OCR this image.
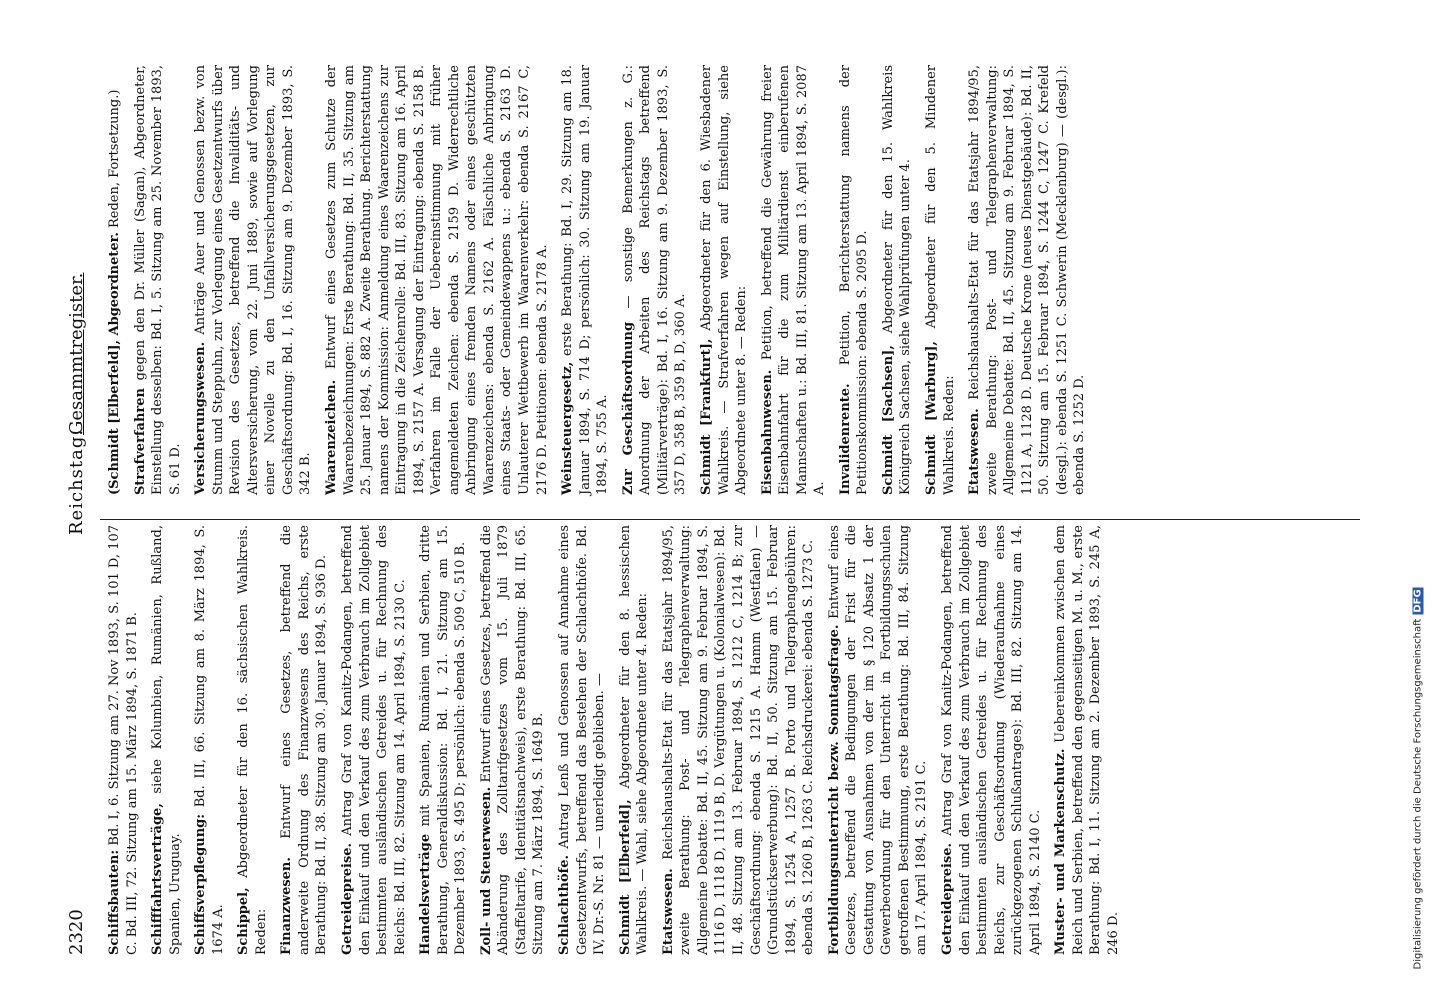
2320
Reichstag.
Gesammtregister.

Schiffsbauten: Bd. I, 6. Sitzung am 27. Nov 1893, S. 101 D, 107 C. Bd. III, 72. Sitzung am 15. März 1894, S. 1871 B. Schifffahrtsverträge, siehe Kolumbien, Rumänien, Rußland, Spanien, Uruguay. Schiffsverpflegung: Bd. III, 66. Sitzung am 8. März 1894, S. 1674 A. Schippel, Abgeordneter für den 16. sächsischen Wahlkreis. Reden: Finanzwesen. Entwurf eines Gesetzes, betreffend die anderweite Ordnung des Finanzwesens des Reichs, erste Berathung: Bd. II, 38. Sitzung am 30. Januar 1894, S. 936 D. Getreidepreise. Antrag Graf von Kanitz-Podangen, betreffend den Einkauf und den Verkauf des zum Verbrauch im Zollgebiet bestimmten ausländischen Getreides u. für Rechnung des Reichs: Bd. III, 82. Sitzung am 14. April 1894, S. 2130 C. Handelsverträge mit Spanien, Rumänien und Serbien, dritte Berathung, Generaldiskussion: Bd. I, 21. Sitzung am 15. Dezember 1893, S. 495 D; persönlich: ebenda S. 509 C, 510 B. Zoll- und Steuerwesen. Entwurf eines Gesetzes, betreffend die Abänderung des Zolltarifgesetzes vom 15. Juli 1879 (Staffeltarife, Identitätsnachweis), erste Berathung: Bd. III, 65. Sitzung am 7. März 1894, S. 1649 B. Schlachthöfe. Antrag Lenß und Genossen auf Annahme eines Gesetzentwurfs, betreffend das Bestehen der Schlachthöfe. Bd. IV, Dr.-S. Nr. 81 — unerledigt geblieben. — Schmidt [Elberfeld], Abgeordneter für den 8. hessischen Wahlkreis. — Wahl, siehe Abgeordnete unter 4. Reden: Etatswesen. Reichshaushalts-Etat für das Etatsjahr 1894/95, zweite Berathung: Post- und Telegraphenverwaltung: Allgemeine Debatte: Bd. II, 45. Sitzung am 9. Februar 1894, S. 1116 D, 1118 D, 1119 B, D. Vergütungen u. (Kolonialwesen): Bd. II, 48. Sitzung am 13. Februar 1894, S. 1212 C, 1214 B; zur Geschäftsordnung: ebenda S. 1215 A. Hamm (Westfalen) — (Grundstückserwerbung): Bd. II, 50. Sitzung am 15. Februar 1894, S. 1254 A, 1257 B. Porto und Telegraphengebühren: ebenda S. 1260 B, 1263 C. Reichsdruckerei: ebenda S. 1273 C. Fortbildungsunterricht bezw. Sonntagsfrage. Entwurf eines Gesetzes, betreffend die Bedingungen der Frist für die Gestattung von Ausnahmen von der im § 120 Absatz 1 der Gewerbeordnung für den Unterricht in Fortbildungsschulen getroffenen Bestimmung, erste Berathung: Bd. III, 84. Sitzung am 17. April 1894, S. 2191 C. Getreidepreise. Antrag Graf von Kanitz-Podangen, betreffend den Einkauf und den Verkauf des zum Verbrauch im Zollgebiet bestimmten ausländischen Getreides u. für Rechnung des Reichs, zur Geschäftsordnung (Wiederaufnahme eines zurückgezogenen Schlußantrages): Bd. III, 82. Sitzung am 14. April 1894, S. 2140 C. Muster- und Markenschutz. Uebereinkommen zwischen dem Reich und Serbien, betreffend den gegenseitigen M. u. M., erste Berathung: Bd. I, 11. Sitzung am 2. Dezember 1893, S. 245 A, 246 D.

(Schmidt [Elberfeld], Abgeordneter. Reden, Fortsetzung.)

Strafverfahren gegen den Dr. Müller (Sagan), Abgeordneter, Einstellung desselben: Bd. I, 5. Sitzung am 25. November 1893, S. 61 D. Versicherungswesen. Anträge Auer und Genossen bezw. von Stumm und Steppuhn, zur Vorlegung eines Gesetzentwurfs über Revision des Gesetzes, betreffend die Invaliditäts- und Altersversicherung, vom 22. Juni 1889, sowie auf Vorlegung einer Novelle zu den Unfallversicherungsgesetzen, zur Geschäftsordnung: Bd. I, 16. Sitzung am 9. Dezember 1893, S. 342 B. Waarenzeichen. Entwurf eines Gesetzes zum Schutze der Waarenbezeichnungen: Erste Berathung: Bd. II, 35. Sitzung am 25. Januar 1894, S. 882 A. Zweite Berathung. Berichterstattung namens der Kommission: Anmeldung eines Waarenzeichens zur Eintragung in die Zeichenrolle: Bd. III, 83. Sitzung am 16. April 1894, S. 2157 A. Versagung der Eintragung: ebenda S. 2158 B. Verfahren im Falle der Uebereinstimmung mit früher angemeldeten Zeichen: ebenda S. 2159 D. Widerrechtliche Anbringung eines fremden Namens oder eines geschützten Waarenzeichens: ebenda S. 2162 A. Fälschliche Anbringung eines Staats- oder Gemeindewappens u.: ebenda S. 2163 D. Unlauterer Wettbewerb im Waarenverkehr: ebenda S. 2167 C, 2176 D. Petitionen: ebenda S. 2178 A. Weinsteuergesetz, erste Berathung: Bd. I, 29. Sitzung am 18. Januar 1894, S. 714 D; persönlich: 30. Sitzung am 19. Januar 1894, S. 755 A. Zur Geschäftsordnung — sonstige Bemerkungen z. G.: Anordnung der Arbeiten des Reichstags betreffend (Militärverträge): Bd. I, 16. Sitzung am 9. Dezember 1893, S. 357 D, 358 B, 359 B, D, 360 A. Schmidt [Frankfurt], Abgeordneter für den 6. Wiesbadener Wahlkreis. — Strafverfahren wegen auf Einstellung, siehe Abgeordnete unter 8. — Reden: Eisenbahnwesen. Petition, betreffend die Gewährung freier Eisenbahnfahrt für die zum Militärdienst einberufenen Mannschaften u.: Bd. III, 81. Sitzung am 13. April 1894, S. 2087 A. Invalidenrente. Petition, Berichterstattung namens der Petitionskommission: ebenda S. 2095 D. Schmidt [Sachsen], Abgeordneter für den 15. Wahlkreis Königreich Sachsen, siehe Wahlprüfungen unter 4. Schmidt [Warburg], Abgeordneter für den 5. Mindener Wahlkreis. Reden: Etatswesen. Reichshaushalts-Etat für das Etatsjahr 1894/95, zweite Berathung: Post- und Telegraphenverwaltung: Allgemeine Debatte: Bd. II, 45. Sitzung am 9. Februar 1894, S. 1121 A, 1128 D. Deutsche Krone (neues Dienstgebäude): Bd. II, 50. Sitzung am 15. Februar 1894, S. 1244 C, 1247 C. Krefeld (desgl.): ebenda S. 1251 C. Schwerin (Mecklenburg) — (desgl.): ebenda S. 1252 D.

Digitalisierung gefördert durch die Deutsche ForschungsgemeinschaftDFG
